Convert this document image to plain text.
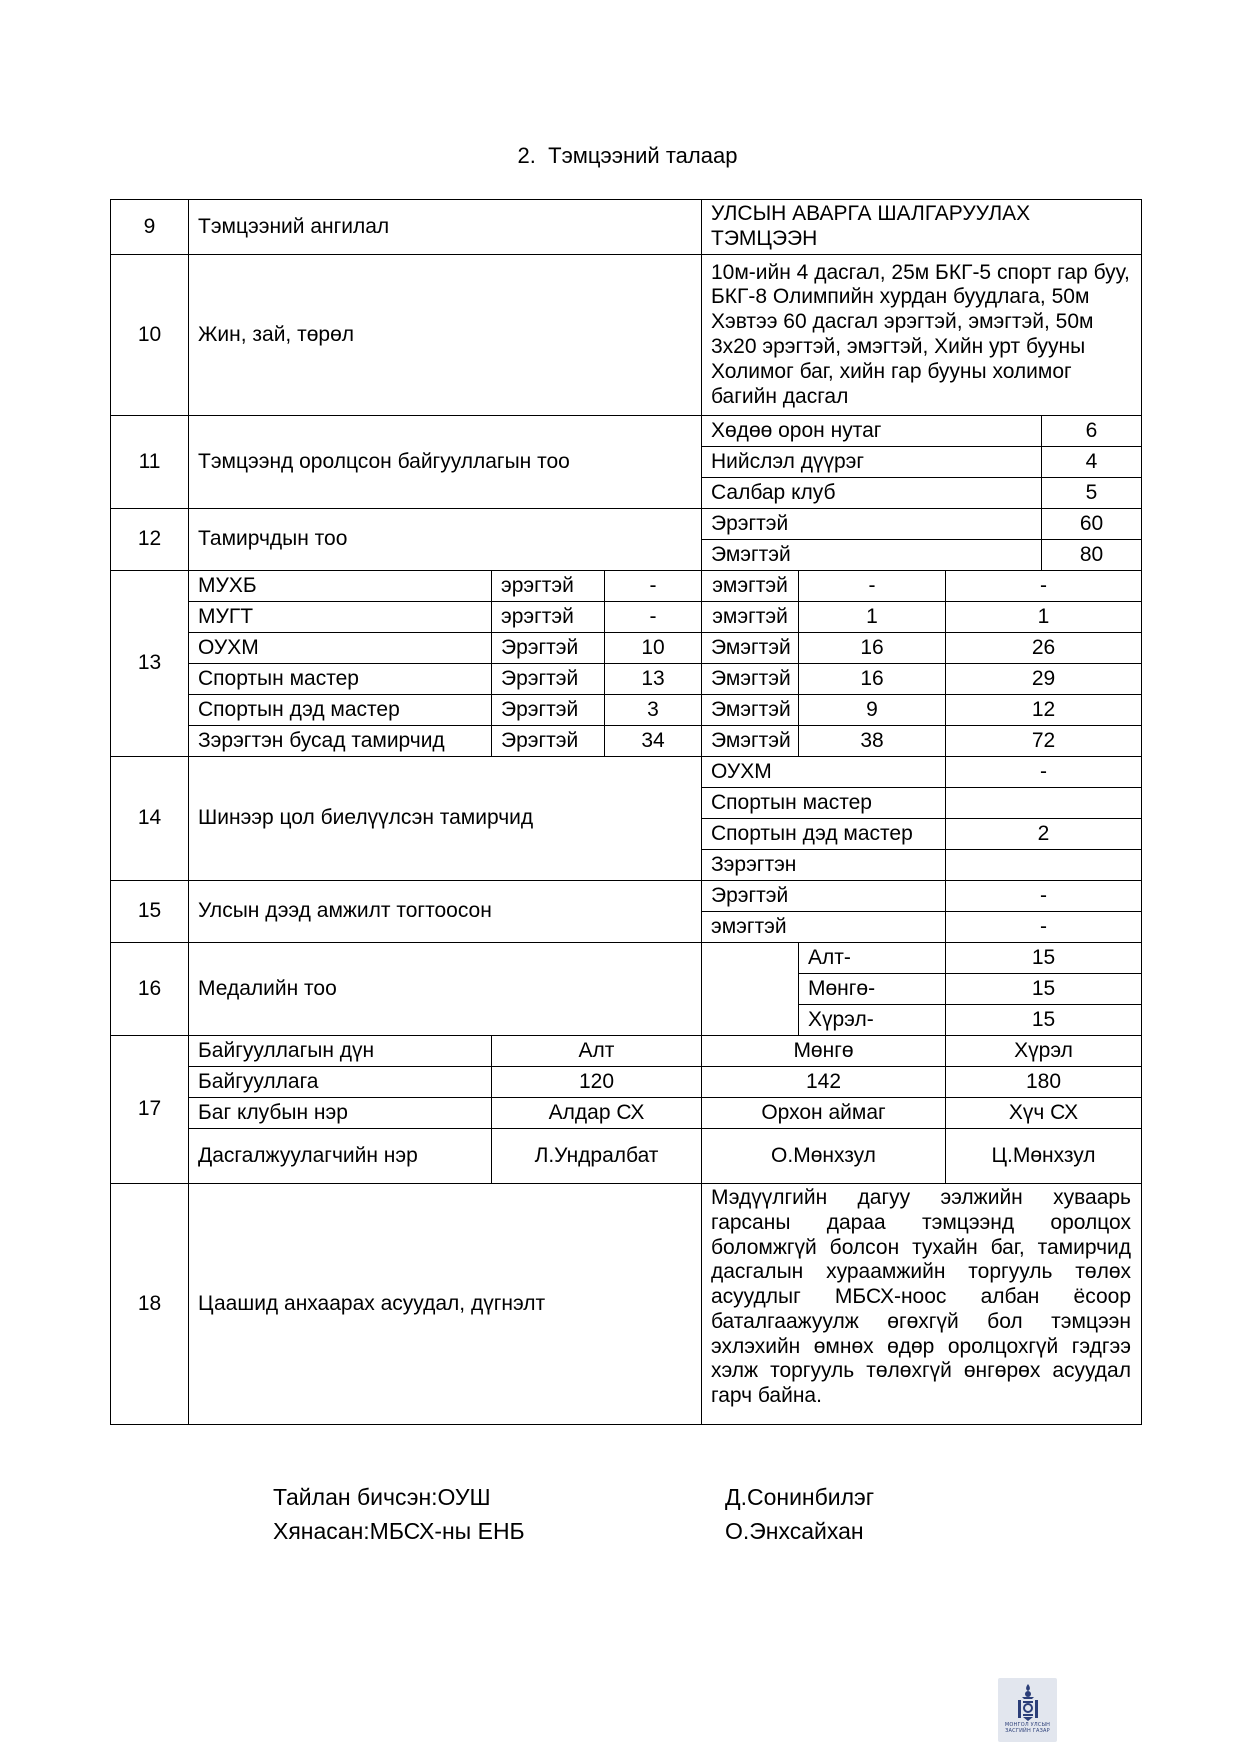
2. Тэмцээний талаар
9	Тэмцээний ангилал			УЛСЫН АВАРГА ШАЛГАРУУЛАХ ТЭМЦЭЭН			
10	Жин, зай, төрөл			10м-ийн 4 дасгал, 25м БКГ-5 спорт гар буу, БКГ-8 Олимпийн хурдан буудлага, 50м Хэвтээ 60 дасгал эрэгтэй, эмэгтэй, 50м 3х20 эрэгтэй, эмэгтэй, Хийн урт бууны Холимог баг, хийн гар бууны холимог багийн дасгал			
11	Тэмцээнд оролцсон байгууллагын тоо			Хөдөө орон нутаг			6
				Нийслэл дүүрэг			4
				Салбар клуб			5
12	Тамирчдын тоо			Эрэгтэй			60
				Эмэгтэй			80
13	МУХБ	эрэгтэй	-	эмэгтэй	-	-	
	МУГТ	эрэгтэй	-	эмэгтэй	1	1	
	ОУХМ	Эрэгтэй	10	Эмэгтэй	16	26	
	Спортын мастер	Эрэгтэй	13	Эмэгтэй	16	29	
	Спортын дэд мастер	Эрэгтэй	3	Эмэгтэй	9	12	
	Зэрэгтэн бусад тамирчид	Эрэгтэй	34	Эмэгтэй	38	72	
14	Шинээр цол биелүүлсэн тамирчид			ОУХМ		-	
				Спортын мастер			
				Спортын дэд мастер		2	
				Зэрэгтэн			
15	Улсын дээд амжилт тогтоосон			Эрэгтэй		-	
				эмэгтэй		-	
16	Медалийн тоо				Алт-	15	
					Мөнгө-	15	
					Хүрэл-	15	
17	Байгууллагын дүн	Алт		Мөнгө		Хүрэл	
	Байгууллага	120		142		180	
	Баг клубын нэр	Алдар СХ		Орхон аймаг		Хүч СХ	
	Дасгалжуулагчийн нэр	Л.Ундралбат		О.Мөнхзул		Ц.Мөнхзул	
18	Цаашид анхаарах асуудал, дүгнэлт			Мэдүүлгийн дагуу ээлжийн хуваарь гарсаны дараа тэмцээнд оролцох боломжгүй болсон тухайн баг, тамирчид дасгалын хураамжийн торгууль төлөх асуудлыг МБСХ-ноос албан ёсоор баталгаажуулж өгөхгүй бол тэмцээн эхлэхийн өмнөх өдөр оролцохгүй гэдгээ хэлж торгууль төлөхгүй өнгөрөх асуудал гарч байна.			
Тайлан бичсэн:ОУШ	Д.Сонинбилэг
Хянасан:МБСХ-ны ЕНБ	О.Энхсайхан
МОНГОЛ УЛСЫН
ЗАСГИЙН ГАЗАР
